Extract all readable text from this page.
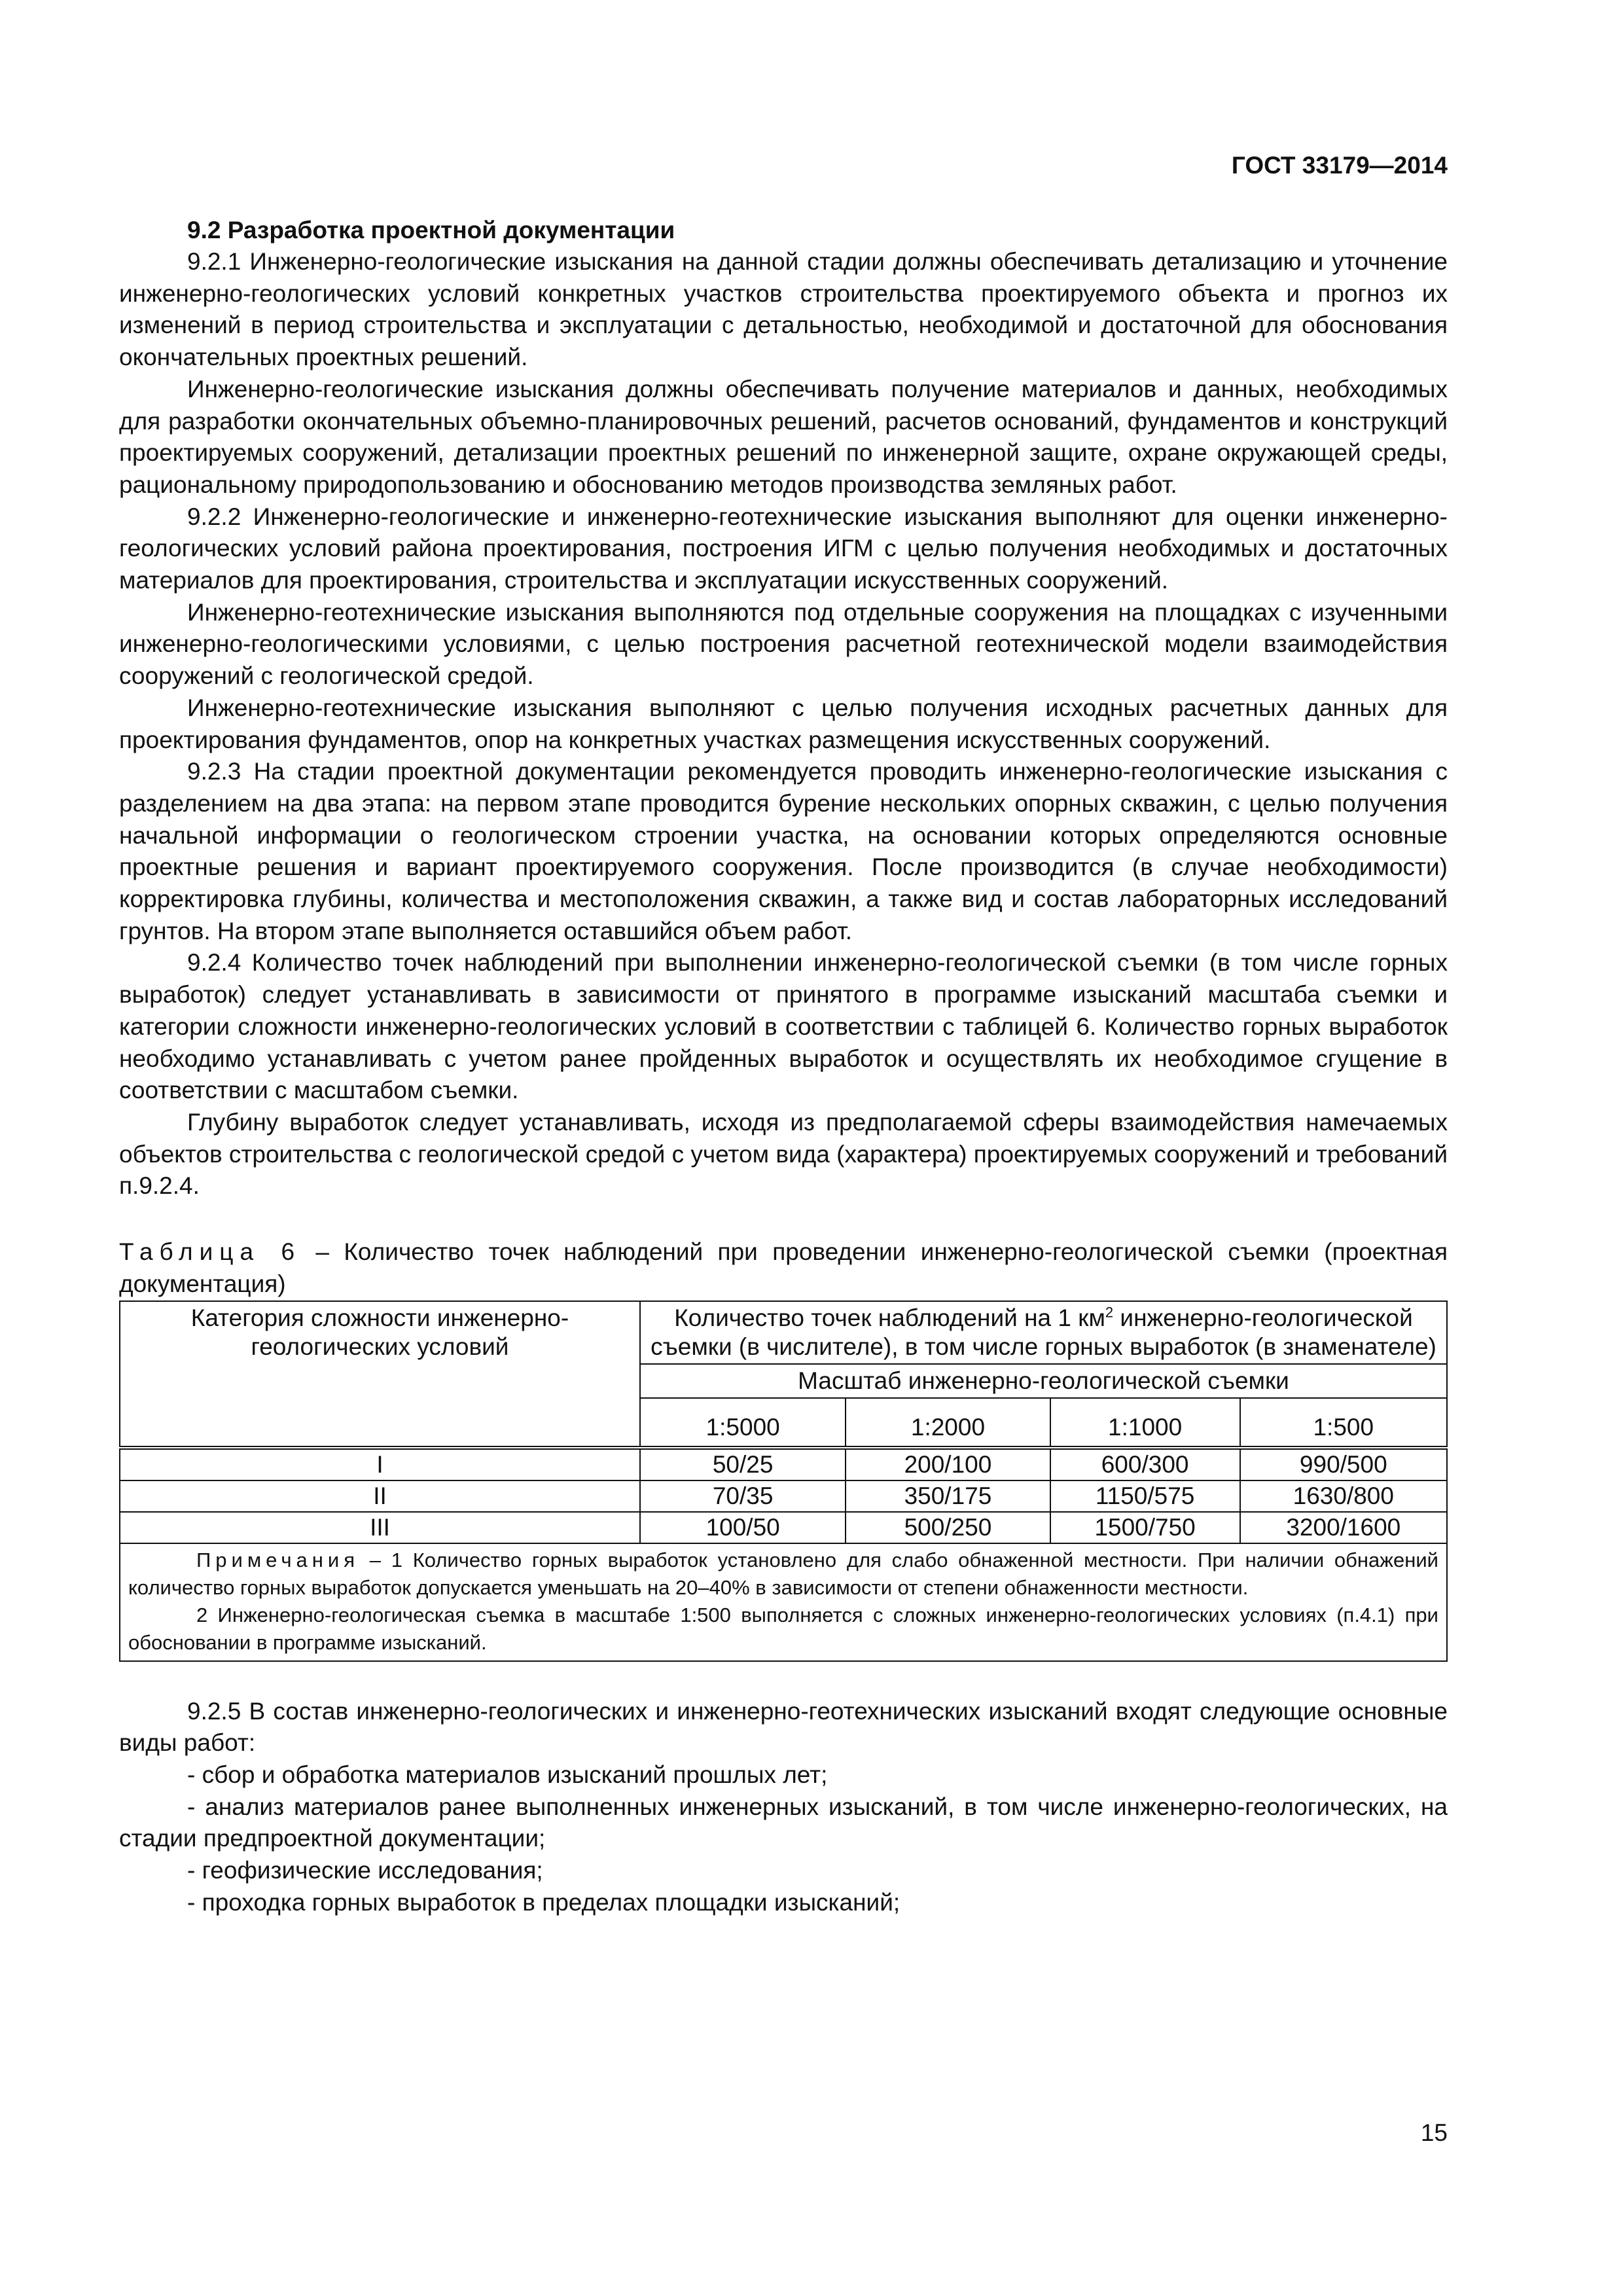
ГОСТ 33179—2014
9.2 Разработка проектной документации

9.2.1 Инженерно-геологические изыскания на данной стадии должны обеспечивать детализацию и уточнение инженерно-геологических условий конкретных участков строительства проектируемого объекта и прогноз их изменений в период строительства и эксплуатации с детальностью, необходимой и достаточной для обоснования окончательных проектных решений.

Инженерно-геологические изыскания должны обеспечивать получение материалов и данных, необходимых для разработки окончательных объемно-планировочных решений, расчетов оснований, фундаментов и конструкций проектируемых сооружений, детализации проектных решений по инженерной защите, охране окружающей среды, рациональному природопользованию и обоснованию методов производства земляных работ.

9.2.2 Инженерно-геологические и инженерно-геотехнические изыскания выполняют для оценки инженерно-геологических условий района проектирования, построения ИГМ с целью получения необходимых и достаточных материалов для проектирования, строительства и эксплуатации искусственных сооружений.

Инженерно-геотехнические изыскания выполняются под отдельные сооружения на площадках с изученными инженерно-геологическими условиями, с целью построения расчетной геотехнической модели взаимодействия сооружений с геологической средой.

Инженерно-геотехнические изыскания выполняют с целью получения исходных расчетных данных для проектирования фундаментов, опор на конкретных участках размещения искусственных сооружений.

9.2.3 На стадии проектной документации рекомендуется проводить инженерно-геологические изыскания с разделением на два этапа: на первом этапе проводится бурение нескольких опорных скважин, с целью получения начальной информации о геологическом строении участка, на основании которых определяются основные проектные решения и вариант проектируемого сооружения. После производится (в случае необходимости) корректировка глубины, количества и местоположения скважин, а также вид и состав лабораторных исследований грунтов. На втором этапе выполняется оставшийся объем работ.

9.2.4 Количество точек наблюдений при выполнении инженерно-геологической съемки (в том числе горных выработок) следует устанавливать в зависимости от принятого в программе изысканий масштаба съемки и категории сложности инженерно-геологических условий в соответствии с таблицей 6. Количество горных выработок необходимо устанавливать с учетом ранее пройденных выработок и осуществлять их необходимое сгущение в соответствии с масштабом съемки.

Глубину выработок следует устанавливать, исходя из предполагаемой сферы взаимодействия намечаемых объектов строительства с геологической средой с учетом вида (характера) проектируемых сооружений и требований п.9.2.4.

Таблица 6 – Количество точек наблюдений при проведении инженерно-геологической съемки (проектная документация)
Категория сложности инженерно-геологических условий	Количество точек наблюдений на 1 $км^2$ инженерно-геологической съемки (в числителе), в том числе горных выработок (в знаменателе)			
	Масштаб инженерно-геологической съемки			
	1:5000	1:2000	1:1000	1:500
I	50/25	200/100	600/300	990/500
II	70/35	350/175	1150/575	1630/800
III	100/50	500/250	1500/750	3200/1600

Примечания – 1 Количество горных выработок установлено для слабо обнаженной местности. При наличии обнажений количество горных выработок допускается уменьшать на 20–40% в зависимости от степени обнаженности местности.

2 Инженерно-геологическая съемка в масштабе 1:500 выполняется с сложных инженерно-геологических условиях (п.4.1) при обосновании в программе изысканий.				

9.2.5 В состав инженерно-геологических и инженерно-геотехнических изысканий входят следующие основные виды работ:

- сбор и обработка материалов изысканий прошлых лет;

- анализ материалов ранее выполненных инженерных изысканий, в том числе инженерно-геологических, на стадии предпроектной документации;

- геофизические исследования;

- проходка горных выработок в пределах площадки изысканий;

15
